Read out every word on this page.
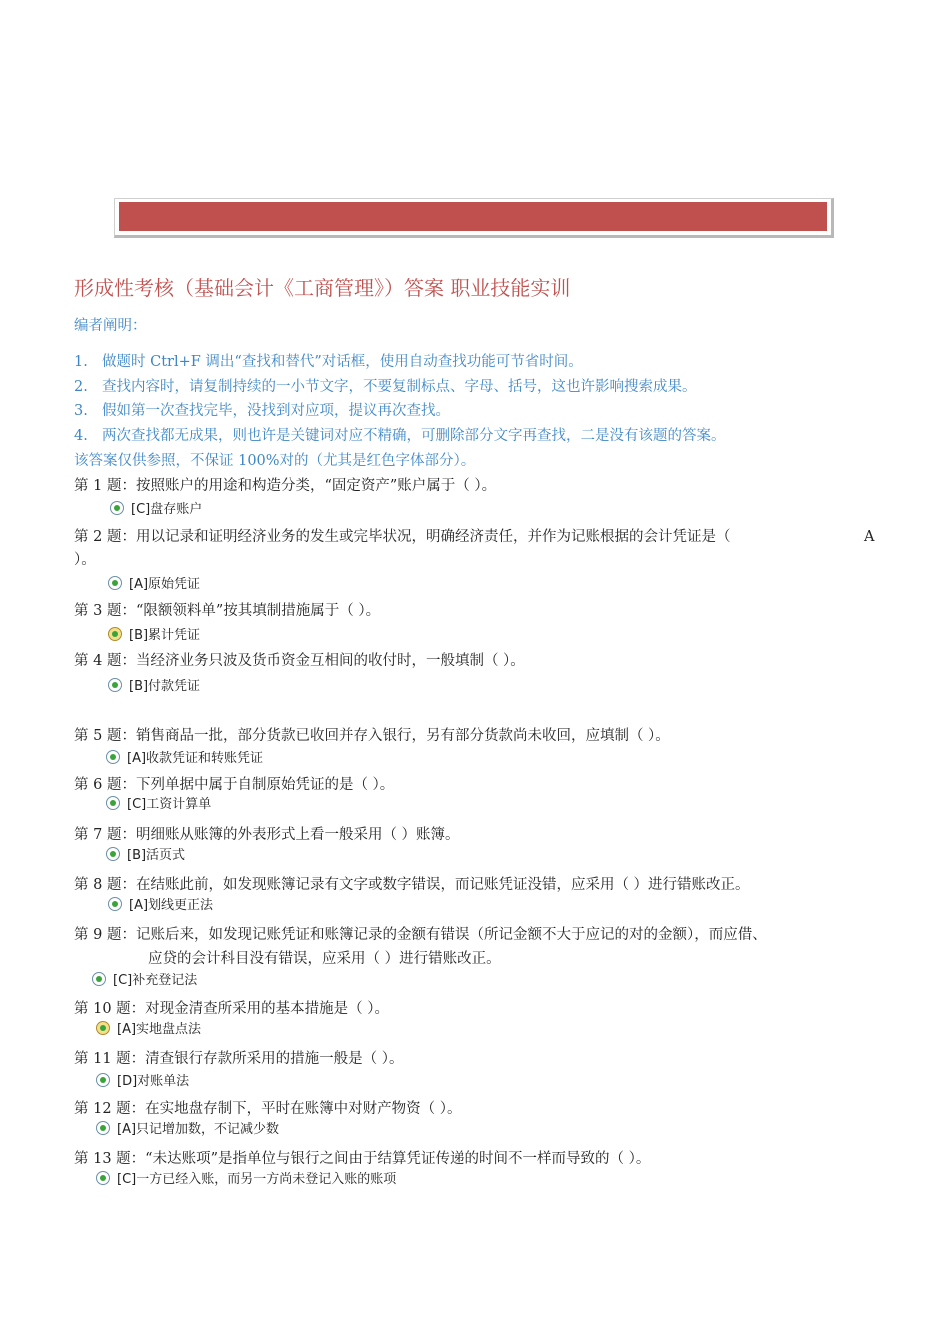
形成性考核（基础会计《工商管理》）答案 职业技能实训
编者阐明：
1. 做题时 Ctrl+F 调出“查找和替代”对话框，使用自动查找功能可节省时间。
2. 查找内容时，请复制持续的一小节文字，不要复制标点、字母、括号，这也许影响搜索成果。
3. 假如第一次查找完毕，没找到对应项，提议再次查找。
4. 两次查找都无成果，则也许是关键词对应不精确，可删除部分文字再查找，二是没有该题的答案。
该答案仅供参照，不保证 100%对的（尤其是红色字体部分）。
第 1 题：按照账户的用途和构造分类，“固定资产”账户属于（ ）。
[C]盘存账户
第 2 题：用以记录和证明经济业务的发生或完毕状况，明确经济责任，并作为记账根据的会计凭证是（	A
）。
[A]原始凭证
第 3 题：“限额领料单”按其填制措施属于（ ）。
[B]累计凭证
第 4 题：当经济业务只波及货币资金互相间的收付时，一般填制（ ）。
[B]付款凭证
第 5 题：销售商品一批，部分货款已收回并存入银行，另有部分货款尚未收回，应填制（ ）。
[A]收款凭证和转账凭证
第 6 题：下列单据中属于自制原始凭证的是（ ）。
[C]工资计算单
第 7 题：明细账从账簿的外表形式上看一般采用（ ）账簿。
[B]活页式
第 8 题：在结账此前，如发现账簿记录有文字或数字错误，而记账凭证没错，应采用（ ）进行错账改正。
[A]划线更正法
第 9 题：记账后来，如发现记账凭证和账簿记录的金额有错误（所记金额不大于应记的对的金额），而应借、
应贷的会计科目没有错误，应采用（ ）进行错账改正。
[C]补充登记法
第 10 题：对现金清查所采用的基本措施是（ ）。
[A]实地盘点法
第 11 题：清查银行存款所采用的措施一般是（ ）。
[D]对账单法
第 12 题：在实地盘存制下，平时在账簿中对财产物资（ ）。
[A]只记增加数，不记减少数
第 13 题：“未达账项”是指单位与银行之间由于结算凭证传递的时间不一样而导致的（ ）。
[C]一方已经入账，而另一方尚未登记入账的账项
